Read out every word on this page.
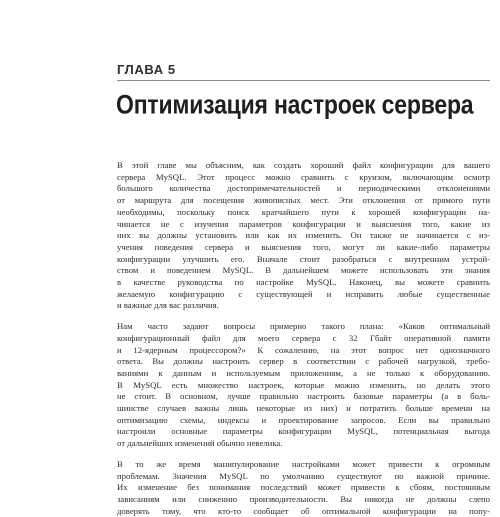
ГЛАВА 5
Оптимизация настроек сервера

В этой главе мы объясним, как создать хороший файл конфигурации для вашего
сервера MySQL. Этот процесс можно сравнить с круизом, включающим осмотр
большого количества достопримечательностей и периодическими отклонениями
от маршрута для посещения живописных мест. Эти отклонения от прямого пути
необходимы, поскольку поиск кратчайшего пути к хорошей конфигурации на-
чинается не с изучения параметров конфигурации и выяснения того, какие из
них вы должны установить или как их изменить. Он также не начинается с из-
учения поведения сервера и выяснения того, могут ли какие-либо параметры
конфигурации улучшить его. Вначале стоит разобраться с внутренним устрой-
ством и поведением MySQL. В дальнейшем можете использовать эти знания
в качестве руководства по настройке MySQL. Наконец, вы можете сравнить
желаемую конфигурацию с существующей и исправить любые существенные
и важные для вас различия.

Нам часто задают вопросы примерно такого плана: «Каков оптимальный
конфигурационный файл для моего сервера с 32 Гбайт оперативной памяти
и 12-ядерным процессором?» К сожалению, на этот вопрос нет однозначного
ответа. Вы должны настроить сервер в соответствии с рабочей нагрузкой, требо-
ваниями к данным и используемым приложениям, а не только к оборудованию.
В MySQL есть множество настроек, которые можно изменить, но делать этого
не стоит. В основном, лучше правильно настроить базовые параметры (а в боль-
шинстве случаев важны лишь некоторые из них) и потратить больше времени на
оптимизацию схемы, индексы и проектирование запросов. Если вы правильно
настроили основные параметры конфигурации MySQL, потенциальная выгода
от дальнейших изменений обычно невелика.

В то же время манипулирование настройками может привести к огромным
проблемам. Значения MySQL по умолчанию существуют по важной причине.
Их изменение без понимания последствий может привести к сбоям, постоянным
зависаниям или снижению производительности. Вы никогда не должны слепо
доверять тому, что кто-то сообщает об оптимальной конфигурации на попу-
